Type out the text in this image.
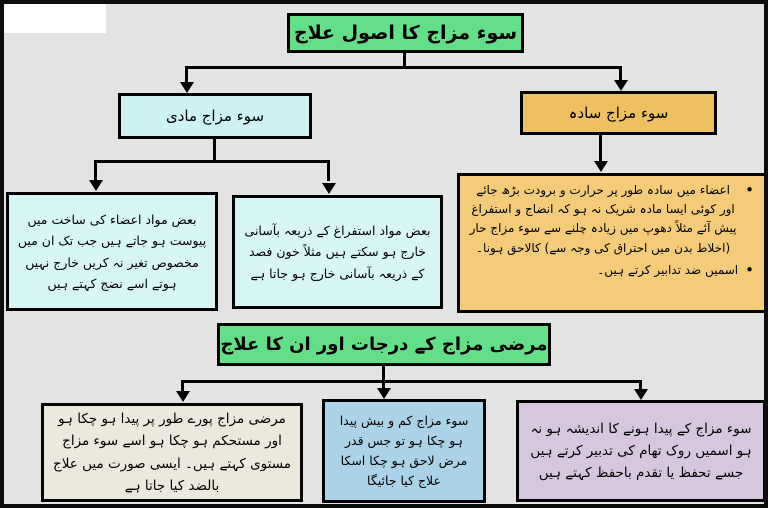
سوء مزاج کا اصول علاج
سوء مزاج مادی	سوء مزاج سادہ
بعض مواد اعضاء کی ساخت میں پیوست ہو جاتے ہیں جب تک ان میں مخصوص تغیر نہ کریں خارج نہیں ہوتے اسے نضج کہتے ہیں
بعض مواد استفراغ کے ذریعہ بآسانی خارج ہو سکتے ہیں مثلاً خون فصد کے ذریعہ بآسانی خارج ہو جاتا ہے
•
اعضاء میں سادہ طور پر حرارت و برودت بڑھ جائے اور کوئی ایسا مادہ شریک نہ ہو کہ انضاج و استفراغ پیش آئے مثلاً دھوپ میں زیادہ چلنے سے سوء مزاج حار (اخلاط بدن میں احتراق کی وجہ سے) کالاحق ہونا۔
•
اسمیں ضد تدابیر کرتے ہیں۔
مرضی مزاج کے درجات اور ان کا علاج
مرضی مزاج پورے طور پر پیدا ہو چکا ہو اور مستحکم ہو چکا ہو اسے سوء مزاج مستوی کہتے ہیں۔ ایسی صورت میں علاج بالضد کیا جاتا ہے
سوء مزاج کم و بیش پیدا ہو چکا ہو تو جس قدر مرض لاحق ہو چکا اسکا علاج کیا جائیگا
سوء مزاج کے پیدا ہونے کا اندیشہ ہو نہ ہو اسمیں روک تھام کی تدبیر کرتے ہیں جسے تحفظ یا تقدم باحفظ کہتے ہیں
